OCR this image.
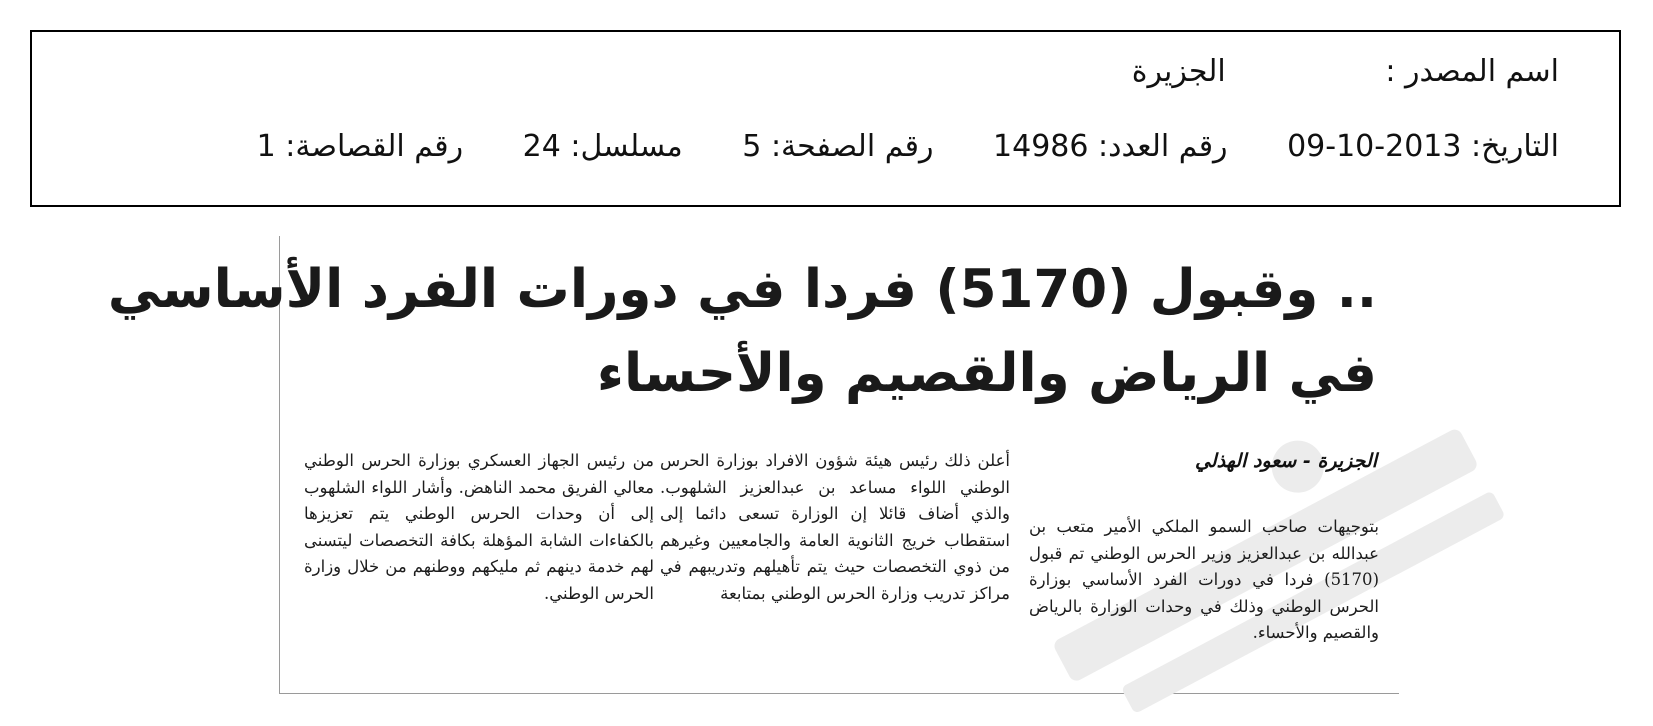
اسم المصدر : الجزيرة
التاريخ: 2013-10-09 رقم العدد: 14986 رقم الصفحة: 5 مسلسل: 24 رقم القصاصة: 1
.. وقبول (5170) فردا في دورات الفرد الأساسي
في الرياض والقصيم والأحساء
الجزيرة - سعود الهذلي
بتوجيهات صاحب السمو الملكي الأمير متعب بن عبدالله بن عبدالعزيز وزير الحرس الوطني تم قبول (5170) فردا في دورات الفرد الأساسي بوزارة الحرس الوطني وذلك في وحدات الوزارة بالرياض والقصيم والأحساء.
أعلن ذلك رئيس هيئة شؤون الافراد بوزارة الحرس الوطني اللواء مساعد بن عبدالعزيز الشلهوب. والذي أضاف قائلا إن الوزارة تسعى دائما إلى استقطاب خريج الثانوية العامة والجامعيين وغيرهم من ذوي التخصصات حيث يتم تأهيلهم وتدريبهم في مراكز تدريب وزارة الحرس الوطني بمتابعة
من رئيس الجهاز العسكري بوزارة الحرس الوطني معالي الفريق محمد الناهض. وأشار اللواء الشلهوب إلى أن وحدات الحرس الوطني يتم تعزيزها بالكفاءات الشابة المؤهلة بكافة التخصصات ليتسنى لهم خدمة دينهم ثم مليكهم ووطنهم من خلال وزارة الحرس الوطني.
